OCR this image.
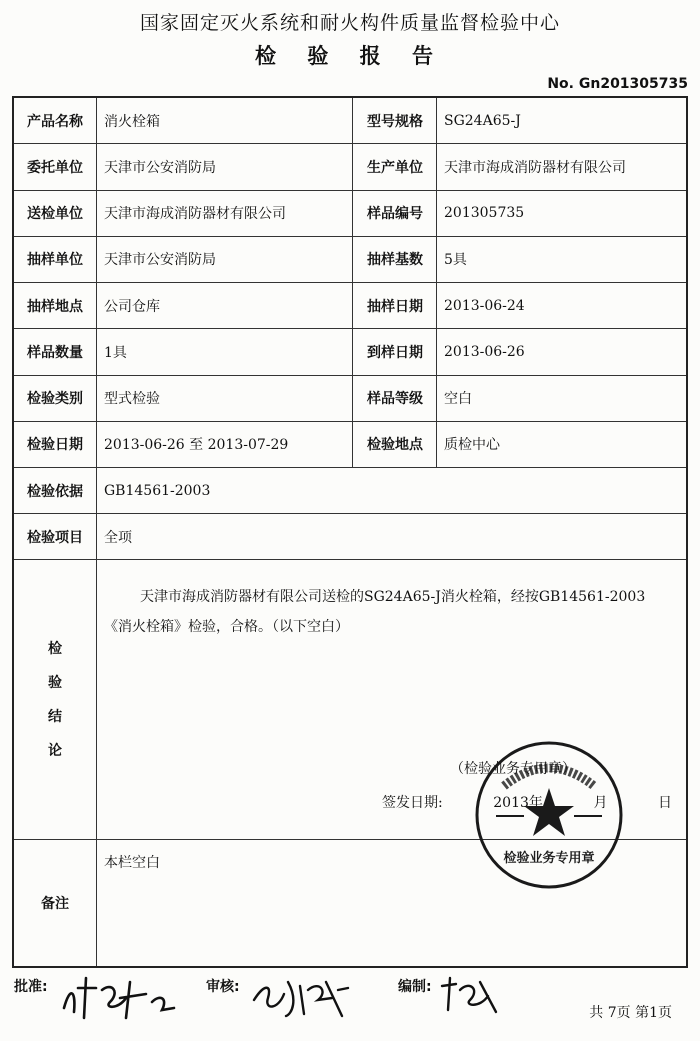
国家固定灭火系统和耐火构件质量监督检验中心
检 验 报 告
No. Gn201305735
产品名称	消火栓箱	型号规格	SG24A65-J
委托单位	天津市公安消防局	生产单位	天津市海成消防器材有限公司
送检单位	天津市海成消防器材有限公司	样品编号	201305735
抽样单位	天津市公安消防局	抽样基数	5具
抽样地点	公司仓库	抽样日期	2013-06-24
样品数量	1具	到样日期	2013-06-26
检验类别	型式检验	样品等级	空白
检验日期	2013-06-26 至 2013-07-29	检验地点	质检中心
检验依据	GB14561-2003
检验项目	全项
检
验
结
论
天津市海成消防器材有限公司送检的SG24A65-J消火栓箱，经按GB14561-2003《消火栓箱》检验，合格。（以下空白）
（检验业务专用章）
签发日期:	2013年	月	日
备注
本栏空白	检验业务专用章
批准:	审核:	编制:
共 7页 第1页
